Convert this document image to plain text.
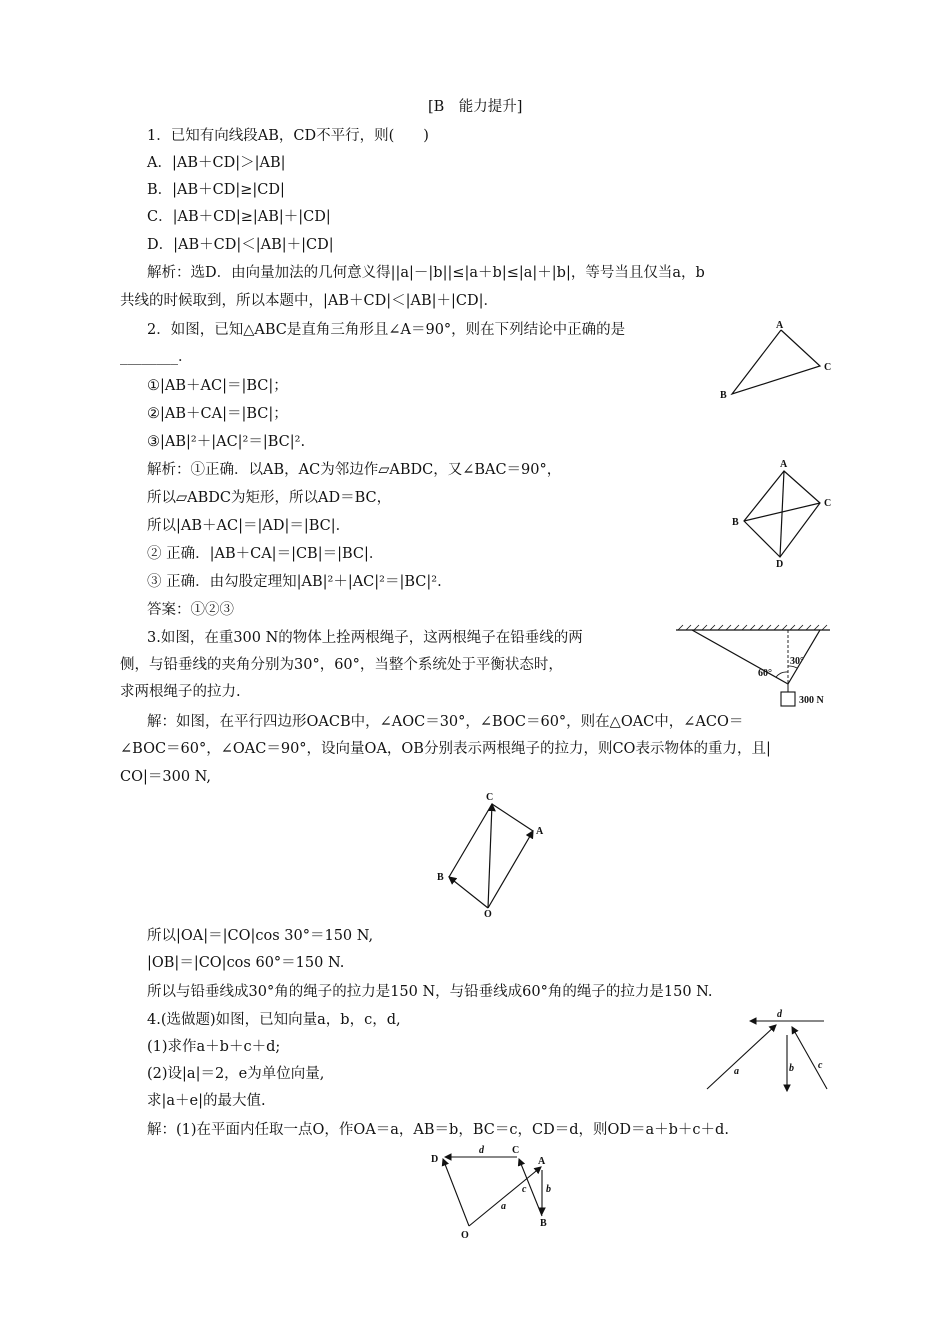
[B　能力提升]
1．已知有向线段AB，CD不平行，则(　　)
A．|AB＋CD|＞|AB|
B．|AB＋CD|≥|CD|
C．|AB＋CD|≥|AB|＋|CD|
D．|AB＋CD|＜|AB|＋|CD|
解析：选D．由向量加法的几何意义得||a|－|b||≤|a＋b|≤|a|＋|b|，等号当且仅当a，b
共线的时候取到，所以本题中，|AB＋CD|＜|AB|＋|CD|．
2．如图，已知△ABC是直角三角形且∠A＝90°，则在下列结论中正确的是
________．
①|AB＋AC|＝|BC|；
②|AB＋CA|＝|BC|；
③|AB|²＋|AC|²＝|BC|².
解析：①正确．以AB，AC为邻边作▱ABDC，又∠BAC＝90°，
所以▱ABDC为矩形，所以AD＝BC，
所以|AB＋AC|＝|AD|＝|BC|．
② 正确．|AB＋CA|＝|CB|＝|BC|．
③ 正确．由勾股定理知|AB|²＋|AC|²＝|BC|².
答案：①②③
A
B
C
A
B
C
D
3.如图，在重300 N的物体上拴两根绳子，这两根绳子在铅垂线的两
侧，与铅垂线的夹角分别为30°，60°，当整个系统处于平衡状态时，
求两根绳子的拉力.
解：如图，在平行四边形OACB中，∠AOC＝30°，∠BOC＝60°，则在△OAC中，∠ACO＝
∠BOC＝60°，∠OAC＝90°，设向量OA，OB分别表示两根绳子的拉力，则CO表示物体的重力，且|
CO|＝300 N,
60°
30°
300 N
C
A
B
O
所以|OA|＝|CO|cos 30°＝150 N,
|OB|＝|CO|cos 60°＝150 N.
所以与铅垂线成30°角的绳子的拉力是150 N，与铅垂线成60°角的绳子的拉力是150 N.
4.(选做题)如图，已知向量a，b，c，d,
(1)求作a＋b＋c＋d;
(2)设|a|＝2，e为单位向量,
求|a＋e|的最大值.
解：(1)在平面内任取一点O，作OA＝a，AB＝b，BC＝c，CD＝d，则OD＝a＋b＋c＋d.
d
a	b c
D
d	C
A
b
c
a
B
O
